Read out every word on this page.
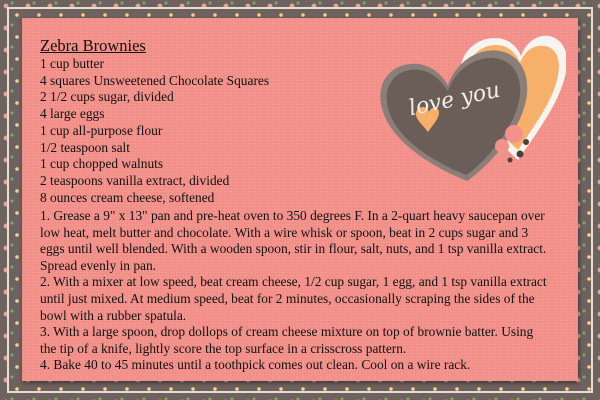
Zebra Brownies
1 cup butter
4 squares Unsweetened Chocolate Squares
2 1/2 cups sugar, divided
4 large eggs
1 cup all-purpose flour
1/2 teaspoon salt
1 cup chopped walnuts
2 teaspoons vanilla extract, divided
8 ounces cream cheese, softened
1. Grease a 9" x 13" pan and pre-heat oven to 350 degrees F. In a 2-quart heavy saucepan over low heat, melt butter and chocolate. With a wire whisk or spoon, beat in 2 cups sugar and 3 eggs until well blended. With a wooden spoon, stir in flour, salt, nuts, and 1 tsp vanilla extract. Spread evenly in pan.
2. With a mixer at low speed, beat cream cheese, 1/2 cup sugar, 1 egg, and 1 tsp vanilla extract until just mixed. At medium speed, beat for 2 minutes, occasionally scraping the sides of the bowl with a rubber spatula.
3. With a large spoon, drop dollops of cream cheese mixture on top of brownie batter. Using the tip of a knife, lightly score the top surface in a crisscross pattern.
4. Bake 40 to 45 minutes until a toothpick comes out clean. Cool on a wire rack.
love you
